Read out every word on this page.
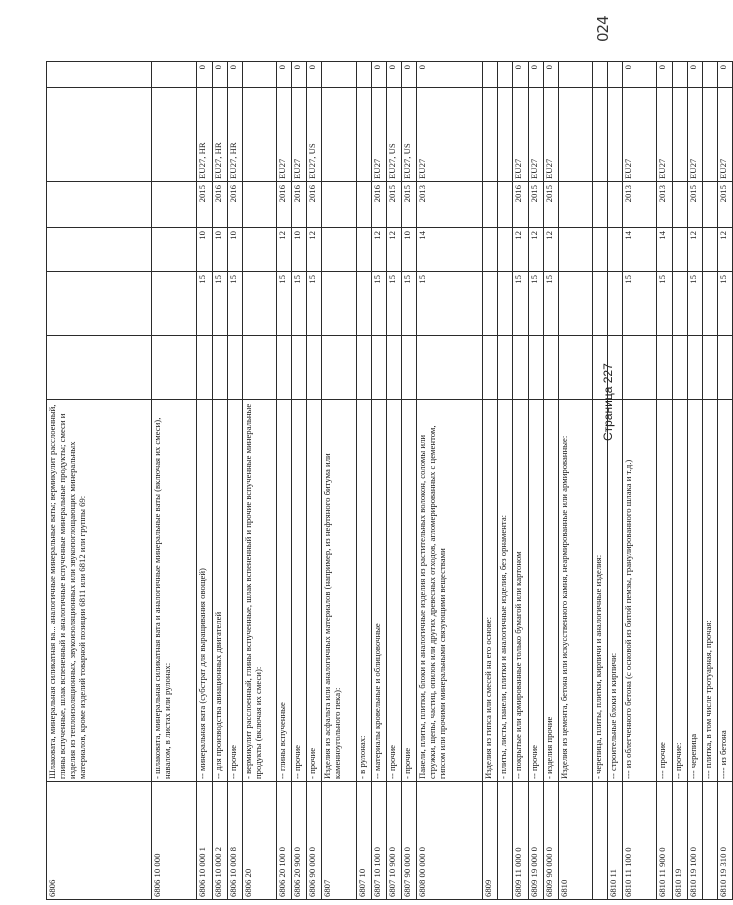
6806	Шлаковата, минеральная силикатная ва... аналогичные минеральные ваты; вермикулит расслоенный, глины вспученные, шлак вспененный и аналогичные вспученные минеральные продукты; смеси и изделия из теплоизоляционных, звукоизоляционных или звукопоглощающих минеральных материалов, кроме изделий товарной позиции 6811 или 6812 или группы 69:						
6806 10 000	- шлаковата, минеральная силикатная вата и аналогичные минеральные ваты (включая их смеси), навалом, в листах или рулонах:						
6806 10 000 1	-- минеральная вата (субстрат для выращивания овощей)		15	10	2015	EU27, HR	0
6806 10 000 2	-- для производства авиационных двигателей		15	10	2016	EU27, HR	0
6806 10 000 8	-- прочие		15	10	2016	EU27, HR	0
6806 20	- вермикулит расслоенный, глины вспученные, шлак вспененный и прочие вспученные минеральные продукты (включая их смеси):						
6806 20 100 0	-- глины вспученные		15	12	2016	EU27	0
6806 20 900 0	-- прочие		15	10	2016	EU27	0
6806 90 000 0	- прочие		15	12	2016	EU27, US	0
6807	Изделия из асфальта или аналогичных материалов (например, из нефтяного битума или каменноугольного пека):						
6807 10	- в рулонах:						
6807 10 100 0	-- материалы кровельные и облицовочные		15	12	2016	EU27	0
6807 10 900 0	-- прочие		15	12	2015	EU27, US	0
6807 90 000 0	- прочие		15	10	2015	EU27, US	0
6808 00 000 0	Панели, плиты, плитки, блоки и аналогичные изделия из растительных волокон, соломы или стружки, щепы, частиц, опилок или других древесных отходов, агломерированных с цементом, гипсом или прочими минеральными связующими веществами		15	14	2013	EU27	0
6809	Изделия из гипса или смесей на его основе:						
	- плиты, листы, панели, плитки и аналогичные изделия, без орнамента:						
6809 11 000 0	-- покрытые или армированные только бумагой или картоном		15	12	2016	EU27	0
6809 19 000 0	-- прочие		15	12	2015	EU27	0
6809 90 000 0	- изделия прочие		15	12	2015	EU27	0
6810	Изделия из цемента, бетона или искусственного камня, неармированные или армированные:						
	- черепица, плиты, плитки, кирпичи и аналогичные изделия:						
6810 11	-- строительные блоки и кирпичи:						
6810 11 100 0	--- из облегченного бетона (с основой из битой пемзы, гранулированного шлака и т.д.)		15	14	2013	EU27	0
6810 11 900 0	--- прочие		15	14	2013	EU27	0
6810 19	-- прочие:						
6810 19 100 0	--- черепица		15	12	2015	EU27	0
	--- плитка, в том числе тротуарная, прочая:						
6810 19 310 0	---- из бетона		15	12	2015	EU27	0
Страница 227
024
